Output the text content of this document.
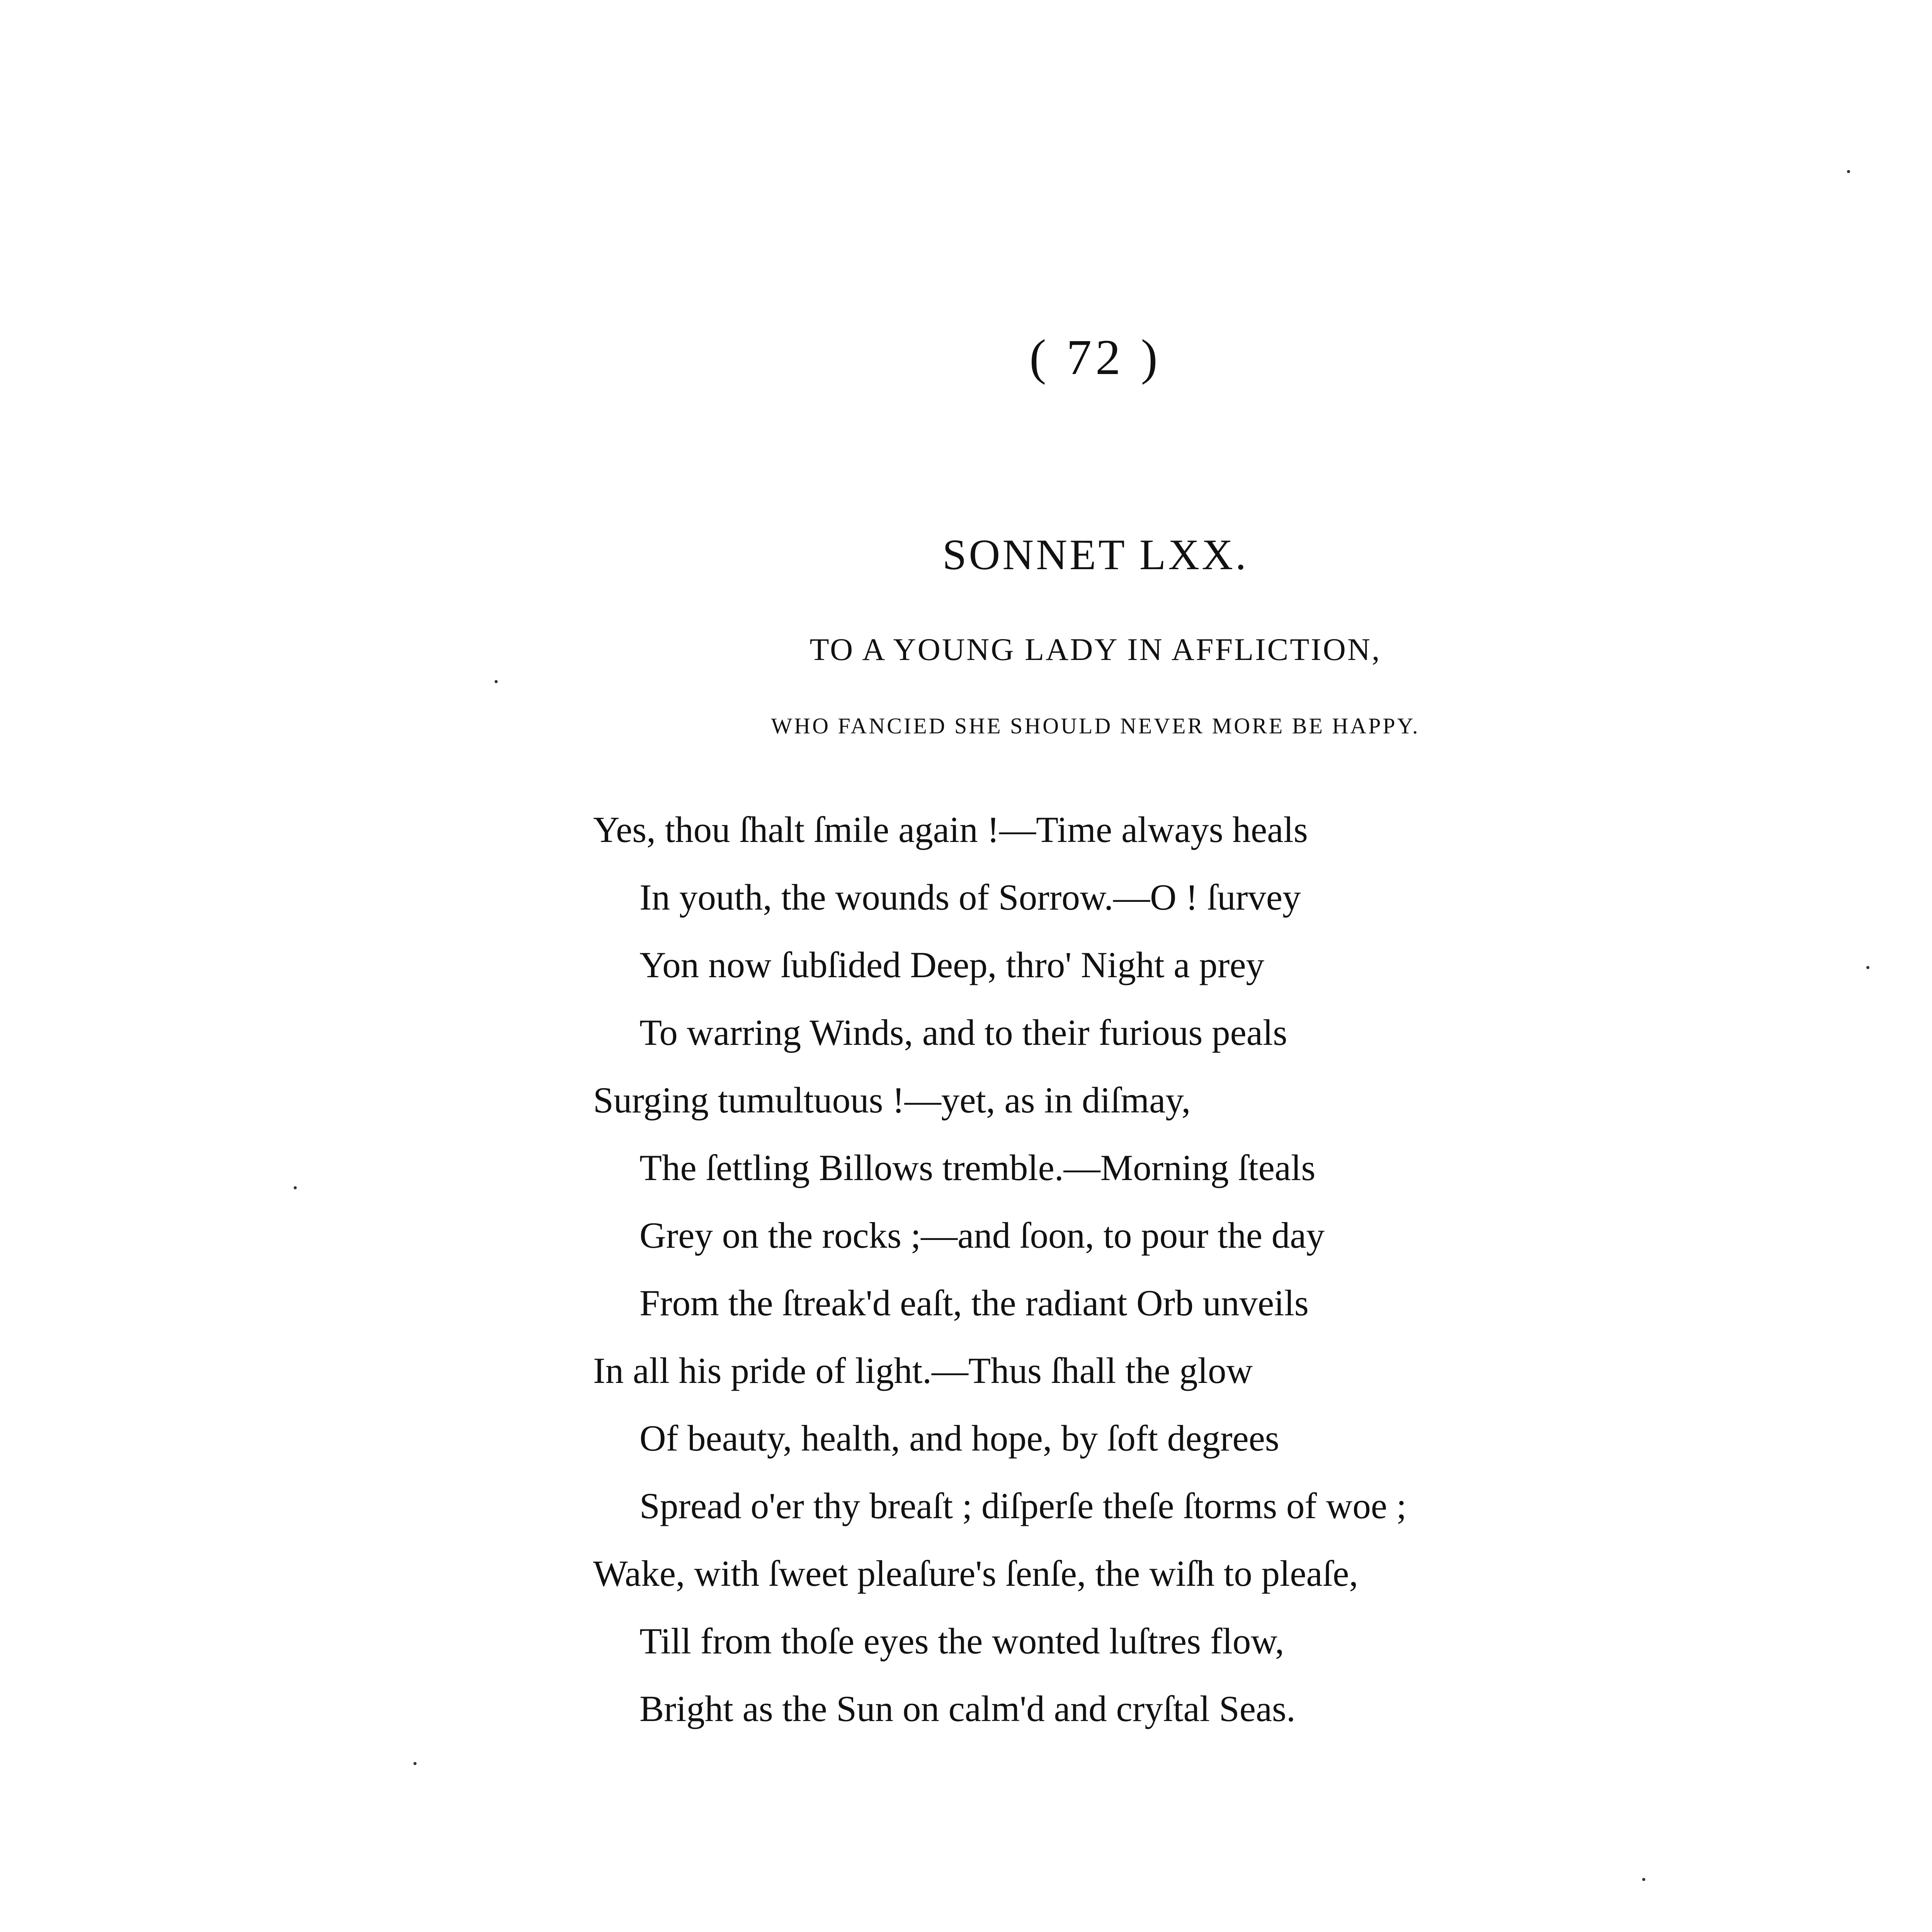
( 72 )
SONNET LXX.
TO A YOUNG LADY IN AFFLICTION,
WHO FANCIED SHE SHOULD NEVER MORE BE HAPPY.
Yes, thou ſhalt ſmile again !—Time always heals
In youth, the wounds of Sorrow.—O ! ſurvey
Yon now ſubſided Deep, thro' Night a prey
To warring Winds, and to their furious peals
Surging tumultuous !—yet, as in diſmay,
The ſettling Billows tremble.—Morning ſteals
Grey on the rocks ;—and ſoon, to pour the day
From the ſtreak'd eaſt, the radiant Orb unveils
In all his pride of light.—Thus ſhall the glow
Of beauty, health, and hope, by ſoft degrees
Spread o'er thy breaſt ; diſperſe theſe ſtorms of woe ;
Wake, with ſweet pleaſure's ſenſe, the wiſh to pleaſe,
Till from thoſe eyes the wonted luſtres flow,
Bright as the Sun on calm'd and cryſtal Seas.
